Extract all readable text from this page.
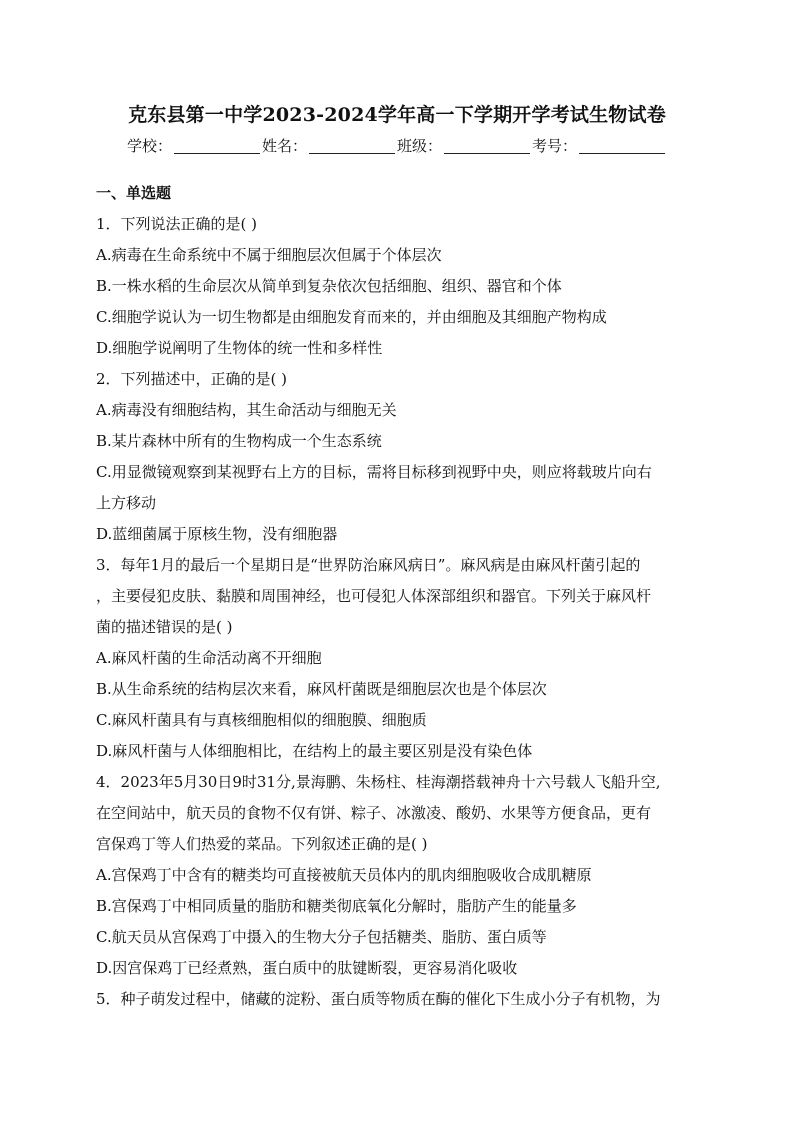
克东县第一中学2023-2024学年高一下学期开学考试生物试卷
学校：	姓名：	班级：	考号：
一、单选题
1．下列说法正确的是( )
A.病毒在生命系统中不属于细胞层次但属于个体层次
B.一株水稻的生命层次从简单到复杂依次包括细胞、组织、器官和个体
C.细胞学说认为一切生物都是由细胞发育而来的，并由细胞及其细胞产物构成
D.细胞学说阐明了生物体的统一性和多样性
2．下列描述中，正确的是( )
A.病毒没有细胞结构，其生命活动与细胞无关
B.某片森林中所有的生物构成一个生态系统
C.用显微镜观察到某视野右上方的目标，需将目标移到视野中央，则应将载玻片向右
上方移动
D.蓝细菌属于原核生物，没有细胞器
3．每年1月的最后一个星期日是“世界防治麻风病日”。麻风病是由麻风杆菌引起的
，主要侵犯皮肤、黏膜和周围神经，也可侵犯人体深部组织和器官。下列关于麻风杆
菌的描述错误的是( )
A.麻风杆菌的生命活动离不开细胞
B.从生命系统的结构层次来看，麻风杆菌既是细胞层次也是个体层次
C.麻风杆菌具有与真核细胞相似的细胞膜、细胞质
D.麻风杆菌与人体细胞相比，在结构上的最主要区别是没有染色体
4．2023年5月30日9时31分,景海鹏、朱杨柱、桂海潮搭载神舟十六号载人飞船升空,
在空间站中，航天员的食物不仅有饼、粽子、冰激凌、酸奶、水果等方便食品，更有
宫保鸡丁等人们热爱的菜品。下列叙述正确的是( )
A.宫保鸡丁中含有的糖类均可直接被航天员体内的肌肉细胞吸收合成肌糖原
B.宫保鸡丁中相同质量的脂肪和糖类彻底氧化分解时，脂肪产生的能量多
C.航天员从宫保鸡丁中摄入的生物大分子包括糖类、脂肪、蛋白质等
D.因宫保鸡丁已经煮熟，蛋白质中的肽键断裂，更容易消化吸收
5．种子萌发过程中，储藏的淀粉、蛋白质等物质在酶的催化下生成小分子有机物，为
